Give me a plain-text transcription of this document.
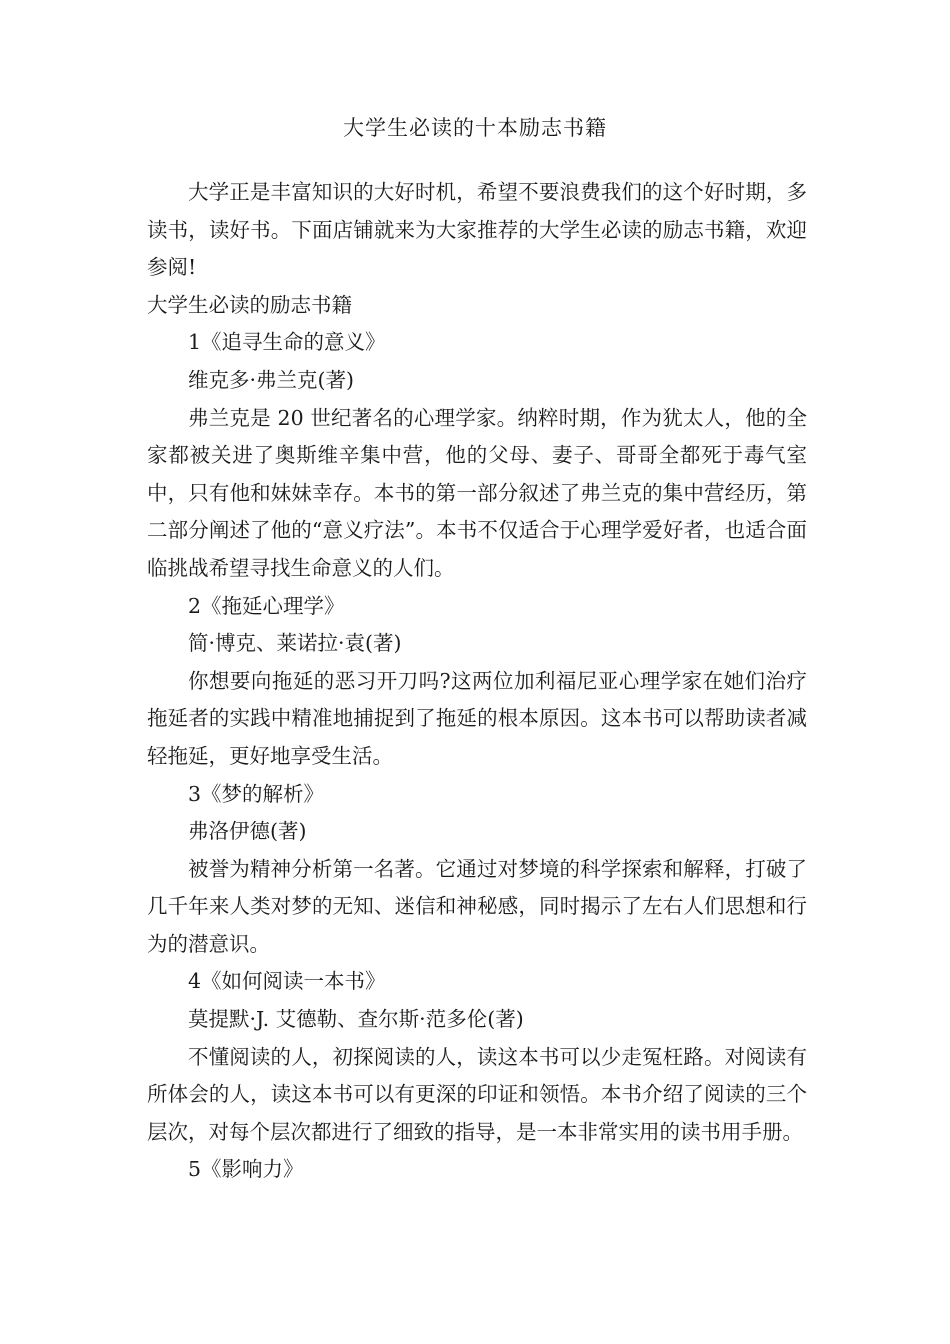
大学生必读的十本励志书籍

大学正是丰富知识的大好时机，希望不要浪费我们的这个好时期，多读书，读好书。下面店铺就来为大家推荐的大学生必读的励志书籍，欢迎参阅!

大学生必读的励志书籍

1《追寻生命的意义》

维克多·弗兰克(著)

弗兰克是 20 世纪著名的心理学家。纳粹时期，作为犹太人，他的全家都被关进了奥斯维辛集中营，他的父母、妻子、哥哥全都死于毒气室中，只有他和妹妹幸存。本书的第一部分叙述了弗兰克的集中营经历，第二部分阐述了他的“意义疗法”。本书不仅适合于心理学爱好者，也适合面临挑战希望寻找生命意义的人们。

2《拖延心理学》

简·博克、莱诺拉·袁(著)

你想要向拖延的恶习开刀吗?这两位加利福尼亚心理学家在她们治疗拖延者的实践中精准地捕捉到了拖延的根本原因。这本书可以帮助读者减轻拖延，更好地享受生活。

3《梦的解析》

弗洛伊德(著)

被誉为精神分析第一名著。它通过对梦境的科学探索和解释，打破了几千年来人类对梦的无知、迷信和神秘感，同时揭示了左右人们思想和行为的潜意识。

4《如何阅读一本书》

莫提默·J. 艾德勒、查尔斯·范多伦(著)

不懂阅读的人，初探阅读的人，读这本书可以少走冤枉路。对阅读有所体会的人，读这本书可以有更深的印证和领悟。本书介绍了阅读的三个层次，对每个层次都进行了细致的指导，是一本非常实用的读书用手册。

5《影响力》
